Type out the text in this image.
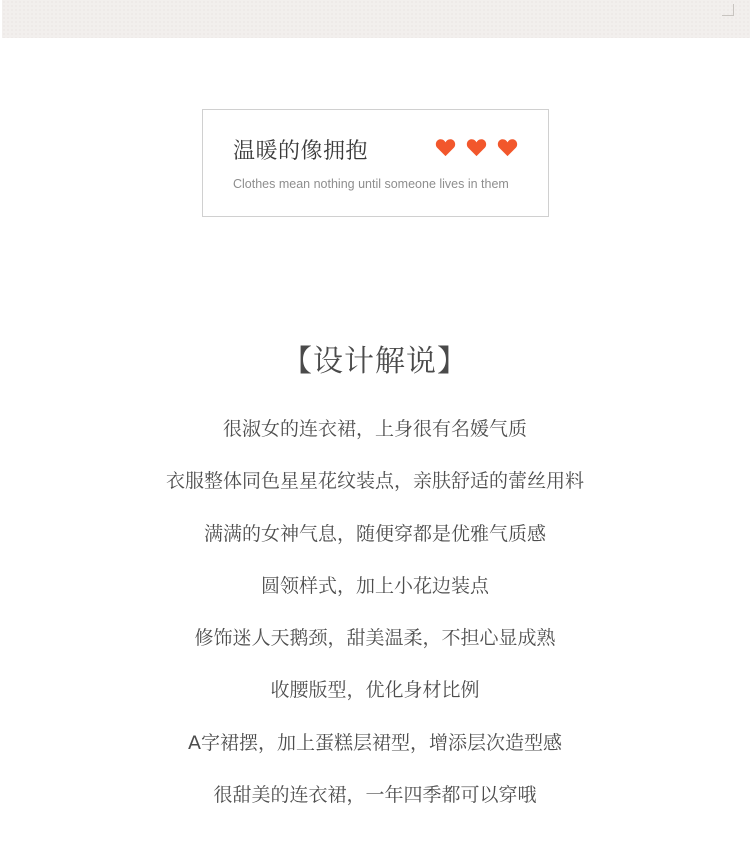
温暖的像拥抱
Clothes mean nothing until someone lives in them
【设计解说】
很淑女的连衣裙，上身很有名媛气质
衣服整体同色星星花纹装点，亲肤舒适的蕾丝用料
满满的女神气息，随便穿都是优雅气质感
圆领样式，加上小花边装点
修饰迷人天鹅颈，甜美温柔，不担心显成熟
收腰版型，优化身材比例
A字裙摆，加上蛋糕层裙型，增添层次造型感
很甜美的连衣裙，一年四季都可以穿哦
